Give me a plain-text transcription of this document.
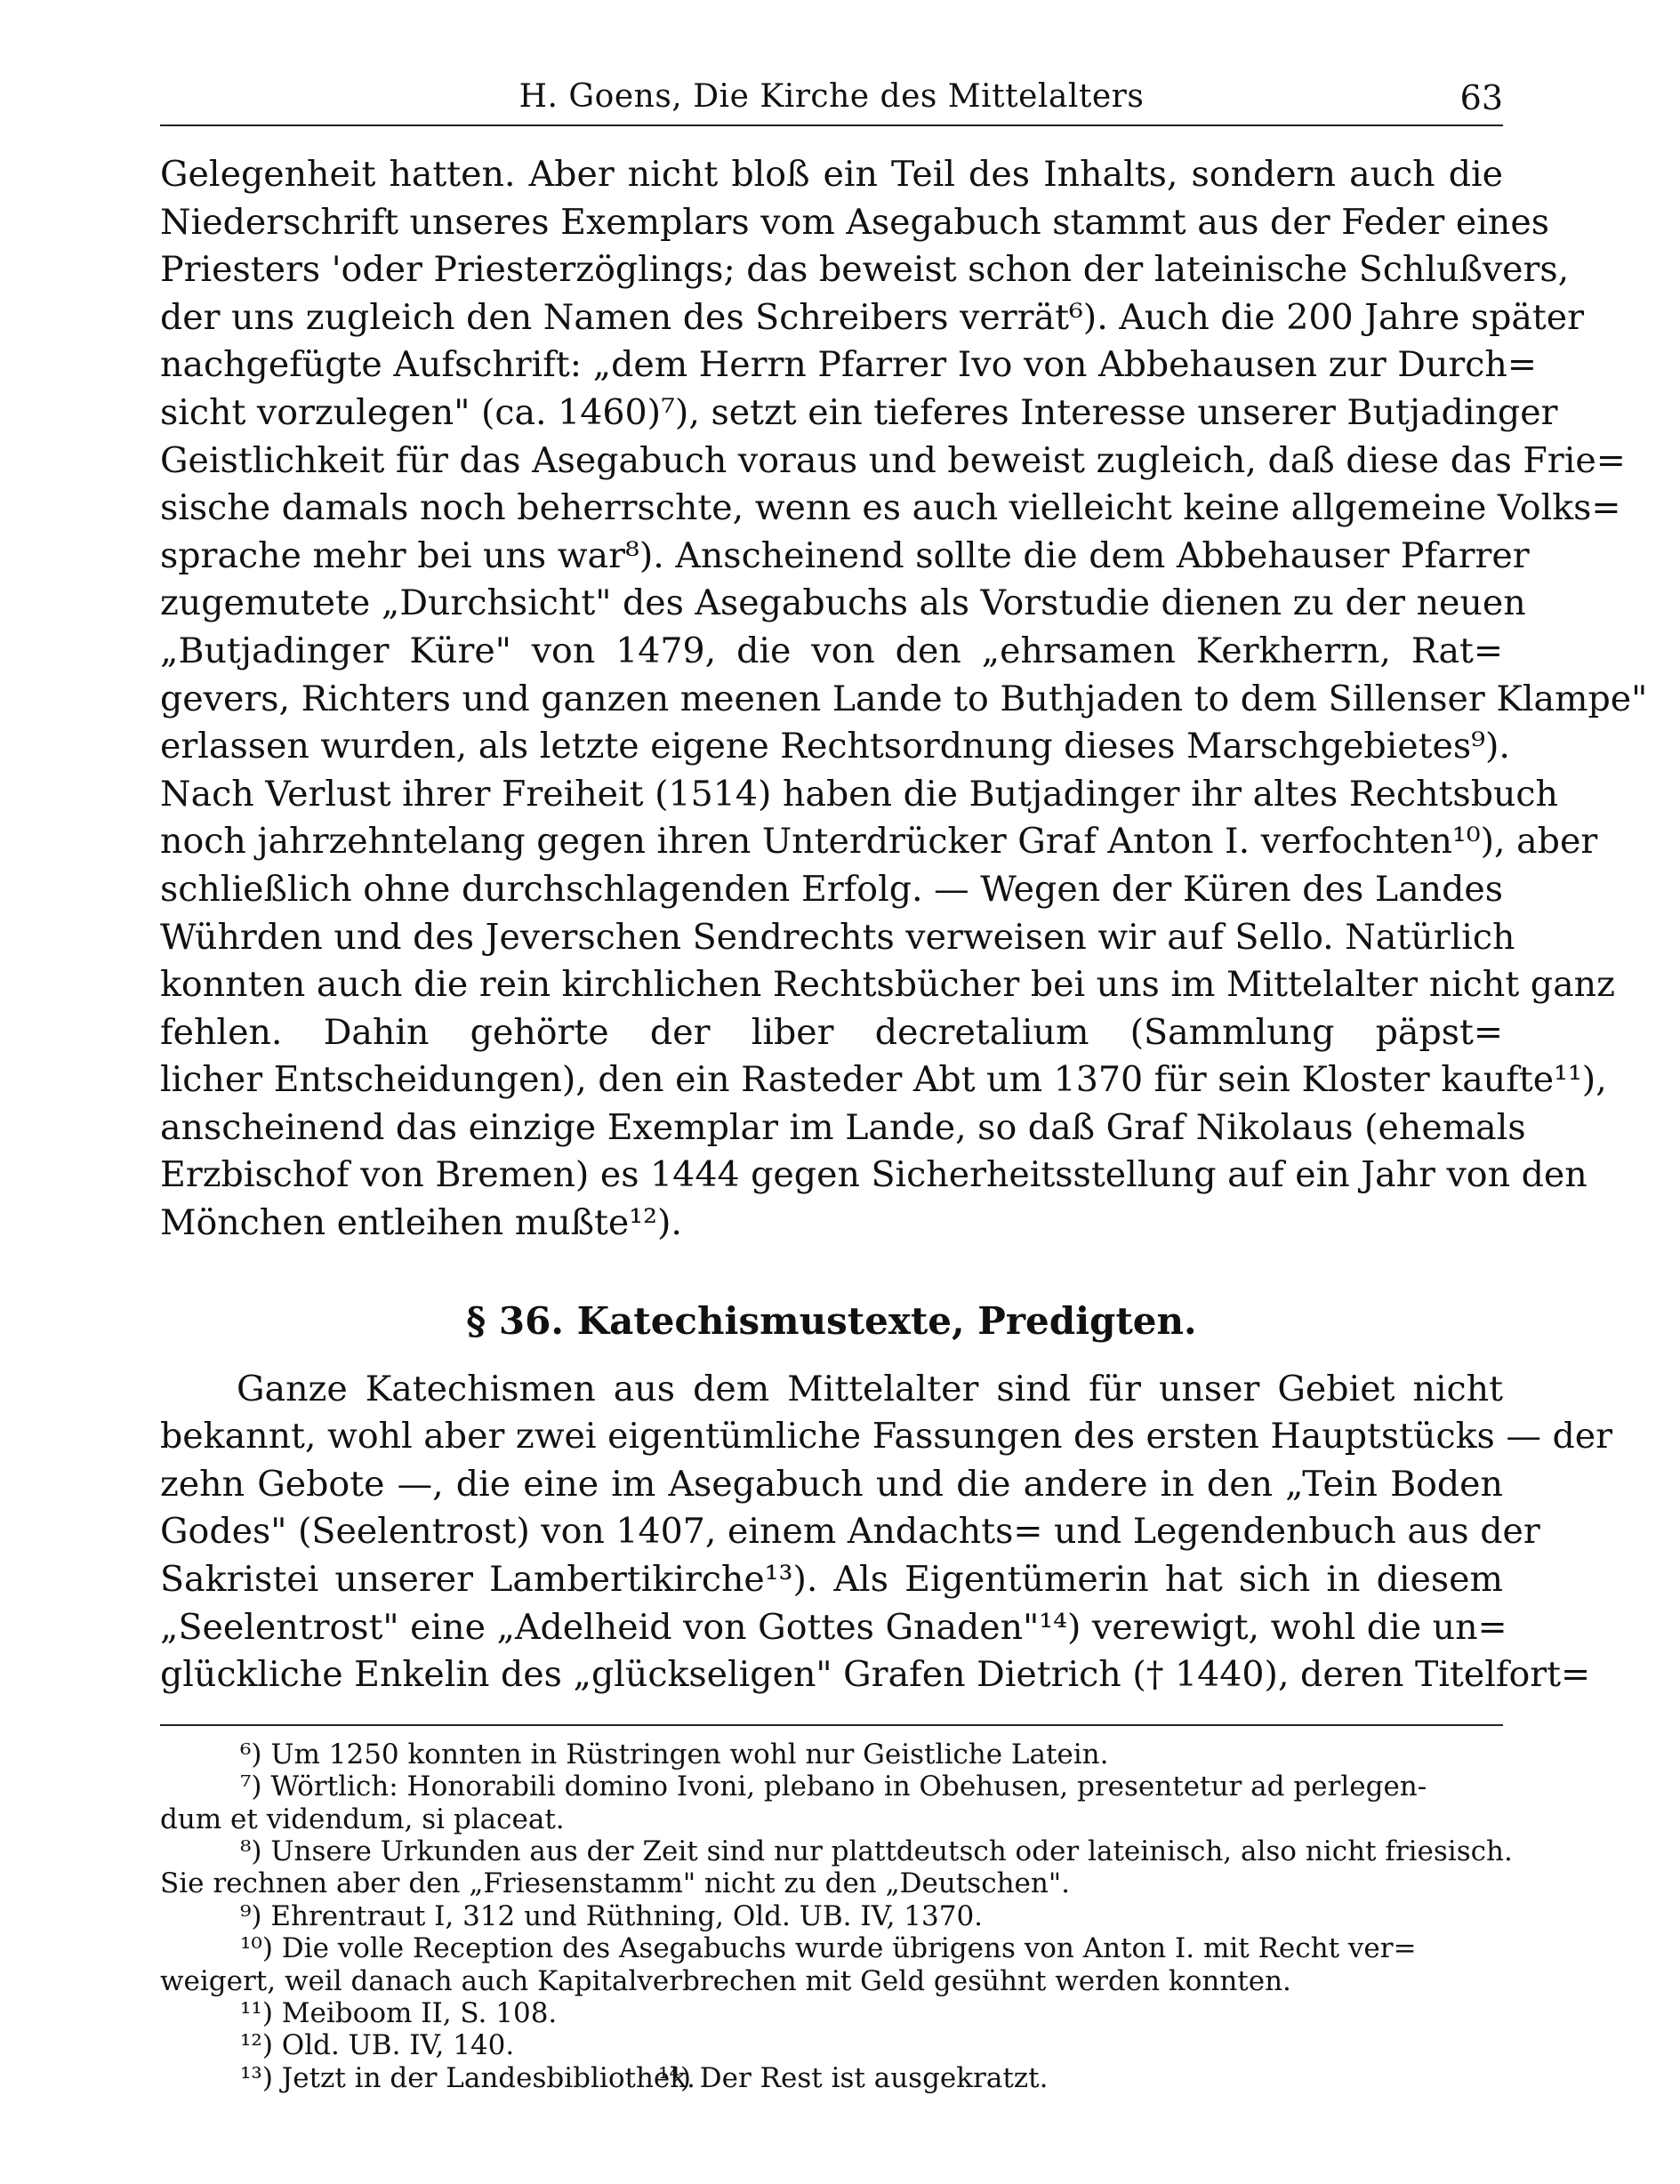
H. Goens, Die Kirche des Mittelalters	63
Gelegenheit hatten. Aber nicht bloß ein Teil des Inhalts, sondern auch die
Niederschrift unseres Exemplars vom Asegabuch stammt aus der Feder eines
Priesters 'oder Priesterzöglings; das beweist schon der lateinische Schlußvers,
der uns zugleich den Namen des Schreibers verrät⁶). Auch die 200 Jahre später
nachgefügte Aufschrift: „dem Herrn Pfarrer Ivo von Abbehausen zur Durch=
sicht vorzulegen" (ca. 1460)⁷), setzt ein tieferes Interesse unserer Butjadinger
Geistlichkeit für das Asegabuch voraus und beweist zugleich, daß diese das Frie=
sische damals noch beherrschte, wenn es auch vielleicht keine allgemeine Volks=
sprache mehr bei uns war⁸). Anscheinend sollte die dem Abbehauser Pfarrer
zugemutete „Durchsicht" des Asegabuchs als Vorstudie dienen zu der neuen
„Butjadinger Küre" von 1479, die von den „ehrsamen Kerkherrn, Rat=
gevers, Richters und ganzen meenen Lande to Buthjaden to dem Sillenser Klampe"
erlassen wurden, als letzte eigene Rechtsordnung dieses Marschgebietes⁹).
Nach Verlust ihrer Freiheit (1514) haben die Butjadinger ihr altes Rechtsbuch
noch jahrzehntelang gegen ihren Unterdrücker Graf Anton I. verfochten¹⁰), aber
schließlich ohne durchschlagenden Erfolg. — Wegen der Küren des Landes
Wührden und des Jeverschen Sendrechts verweisen wir auf Sello. Natürlich
konnten auch die rein kirchlichen Rechtsbücher bei uns im Mittelalter nicht ganz
fehlen. Dahin gehörte der liber decretalium (Sammlung päpst=
licher Entscheidungen), den ein Rasteder Abt um 1370 für sein Kloster kaufte¹¹),
anscheinend das einzige Exemplar im Lande, so daß Graf Nikolaus (ehemals
Erzbischof von Bremen) es 1444 gegen Sicherheitsstellung auf ein Jahr von den
Mönchen entleihen mußte¹²).
§ 36. Katechismustexte, Predigten.
Ganze Katechismen aus dem Mittelalter sind für unser Gebiet nicht
bekannt, wohl aber zwei eigentümliche Fassungen des ersten Hauptstücks — der
zehn Gebote —, die eine im Asegabuch und die andere in den „Tein Boden
Godes" (Seelentrost) von 1407, einem Andachts= und Legendenbuch aus der
Sakristei unserer Lambertikirche¹³). Als Eigentümerin hat sich in diesem
„Seelentrost" eine „Adelheid von Gottes Gnaden"¹⁴) verewigt, wohl die un=
glückliche Enkelin des „glückseligen" Grafen Dietrich († 1440), deren Titelfort=
⁶) Um 1250 konnten in Rüstringen wohl nur Geistliche Latein.
⁷) Wörtlich: Honorabili domino Ivoni, plebano in Obehusen, presentetur ad perlegen-
dum et videndum, si placeat.
⁸) Unsere Urkunden aus der Zeit sind nur plattdeutsch oder lateinisch, also nicht friesisch.
Sie rechnen aber den „Friesenstamm" nicht zu den „Deutschen".
⁹) Ehrentraut I, 312 und Rüthning, Old. UB. IV, 1370.
¹⁰) Die volle Reception des Asegabuchs wurde übrigens von Anton I. mit Recht ver=
weigert, weil danach auch Kapitalverbrechen mit Geld gesühnt werden konnten.
¹¹) Meiboom II, S. 108.
¹²) Old. UB. IV, 140.
¹³) Jetzt in der Landesbibliothek.¹⁴) Der Rest ist ausgekratzt.
